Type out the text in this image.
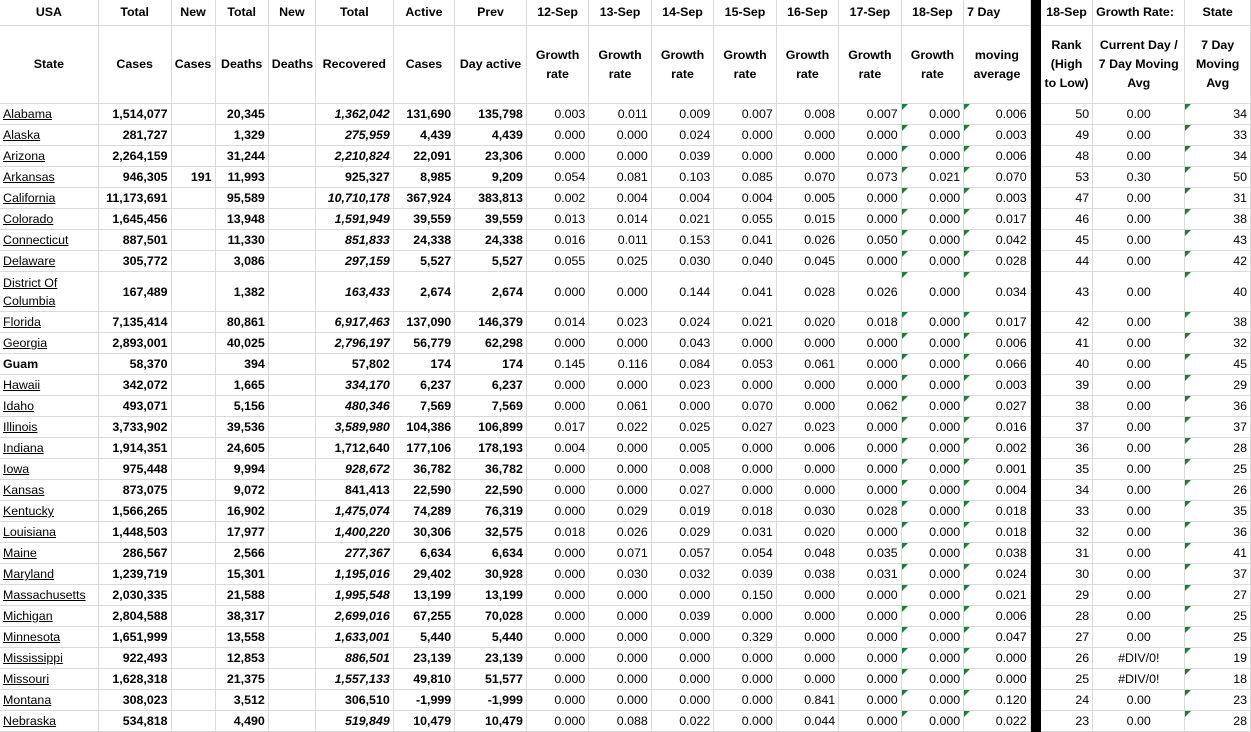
USA	Total	New	Total	New	Total	Active	Prev	12-Sep	13-Sep	14-Sep	15-Sep	16-Sep	17-Sep	18-Sep	7 Day		18-Sep	Growth Rate:	State
State	Cases	Cases	Deaths	Deaths	Recovered	Cases	Day active	Growth rate	Growth rate	Growth rate	Growth rate	Growth rate	Growth rate	Growth rate	moving average		Rank (High to Low)	Current Day / 7 Day Moving Avg	7 Day Moving Avg
Alabama	1,514,077		20,345		1,362,042	131,690	135,798	0.003	0.011	0.009	0.007	0.008	0.007	0.000	0.006		50	0.00	34
Alaska	281,727		1,329		275,959	4,439	4,439	0.000	0.000	0.024	0.000	0.000	0.000	0.000	0.003		49	0.00	33
Arizona	2,264,159		31,244		2,210,824	22,091	23,306	0.000	0.000	0.039	0.000	0.000	0.000	0.000	0.006		48	0.00	34
Arkansas	946,305	191	11,993		925,327	8,985	9,209	0.054	0.081	0.103	0.085	0.070	0.073	0.021	0.070		53	0.30	50
California	11,173,691		95,589		10,710,178	367,924	383,813	0.002	0.004	0.004	0.004	0.005	0.000	0.000	0.003		47	0.00	31
Colorado	1,645,456		13,948		1,591,949	39,559	39,559	0.013	0.014	0.021	0.055	0.015	0.000	0.000	0.017		46	0.00	38
Connecticut	887,501		11,330		851,833	24,338	24,338	0.016	0.011	0.153	0.041	0.026	0.050	0.000	0.042		45	0.00	43
Delaware	305,772		3,086		297,159	5,527	5,527	0.055	0.025	0.030	0.040	0.045	0.000	0.000	0.028		44	0.00	42
District Of Columbia	167,489		1,382		163,433	2,674	2,674	0.000	0.000	0.144	0.041	0.028	0.026	0.000	0.034		43	0.00	40
Florida	7,135,414		80,861		6,917,463	137,090	146,379	0.014	0.023	0.024	0.021	0.020	0.018	0.000	0.017		42	0.00	38
Georgia	2,893,001		40,025		2,796,197	56,779	62,298	0.000	0.000	0.043	0.000	0.000	0.000	0.000	0.006		41	0.00	32
Guam	58,370		394		57,802	174	174	0.145	0.116	0.084	0.053	0.061	0.000	0.000	0.066		40	0.00	45
Hawaii	342,072		1,665		334,170	6,237	6,237	0.000	0.000	0.023	0.000	0.000	0.000	0.000	0.003		39	0.00	29
Idaho	493,071		5,156		480,346	7,569	7,569	0.000	0.061	0.000	0.070	0.000	0.062	0.000	0.027		38	0.00	36
Illinois	3,733,902		39,536		3,589,980	104,386	106,899	0.017	0.022	0.025	0.027	0.023	0.000	0.000	0.016		37	0.00	37
Indiana	1,914,351		24,605		1,712,640	177,106	178,193	0.004	0.000	0.005	0.000	0.006	0.000	0.000	0.002		36	0.00	28
Iowa	975,448		9,994		928,672	36,782	36,782	0.000	0.000	0.008	0.000	0.000	0.000	0.000	0.001		35	0.00	25
Kansas	873,075		9,072		841,413	22,590	22,590	0.000	0.000	0.027	0.000	0.000	0.000	0.000	0.004		34	0.00	26
Kentucky	1,566,265		16,902		1,475,074	74,289	76,319	0.000	0.029	0.019	0.018	0.030	0.028	0.000	0.018		33	0.00	35
Louisiana	1,448,503		17,977		1,400,220	30,306	32,575	0.018	0.026	0.029	0.031	0.020	0.000	0.000	0.018		32	0.00	36
Maine	286,567		2,566		277,367	6,634	6,634	0.000	0.071	0.057	0.054	0.048	0.035	0.000	0.038		31	0.00	41
Maryland	1,239,719		15,301		1,195,016	29,402	30,928	0.000	0.030	0.032	0.039	0.038	0.031	0.000	0.024		30	0.00	37
Massachusetts	2,030,335		21,588		1,995,548	13,199	13,199	0.000	0.000	0.000	0.150	0.000	0.000	0.000	0.021		29	0.00	27
Michigan	2,804,588		38,317		2,699,016	67,255	70,028	0.000	0.000	0.039	0.000	0.000	0.000	0.000	0.006		28	0.00	25
Minnesota	1,651,999		13,558		1,633,001	5,440	5,440	0.000	0.000	0.000	0.329	0.000	0.000	0.000	0.047		27	0.00	25
Mississippi	922,493		12,853		886,501	23,139	23,139	0.000	0.000	0.000	0.000	0.000	0.000	0.000	0.000		26	#DIV/0!	19
Missouri	1,628,318		21,375		1,557,133	49,810	51,577	0.000	0.000	0.000	0.000	0.000	0.000	0.000	0.000		25	#DIV/0!	18
Montana	308,023		3,512		306,510	-1,999	-1,999	0.000	0.000	0.000	0.000	0.841	0.000	0.000	0.120		24	0.00	23
Nebraska	534,818		4,490		519,849	10,479	10,479	0.000	0.088	0.022	0.000	0.044	0.000	0.000	0.022		23	0.00	28
